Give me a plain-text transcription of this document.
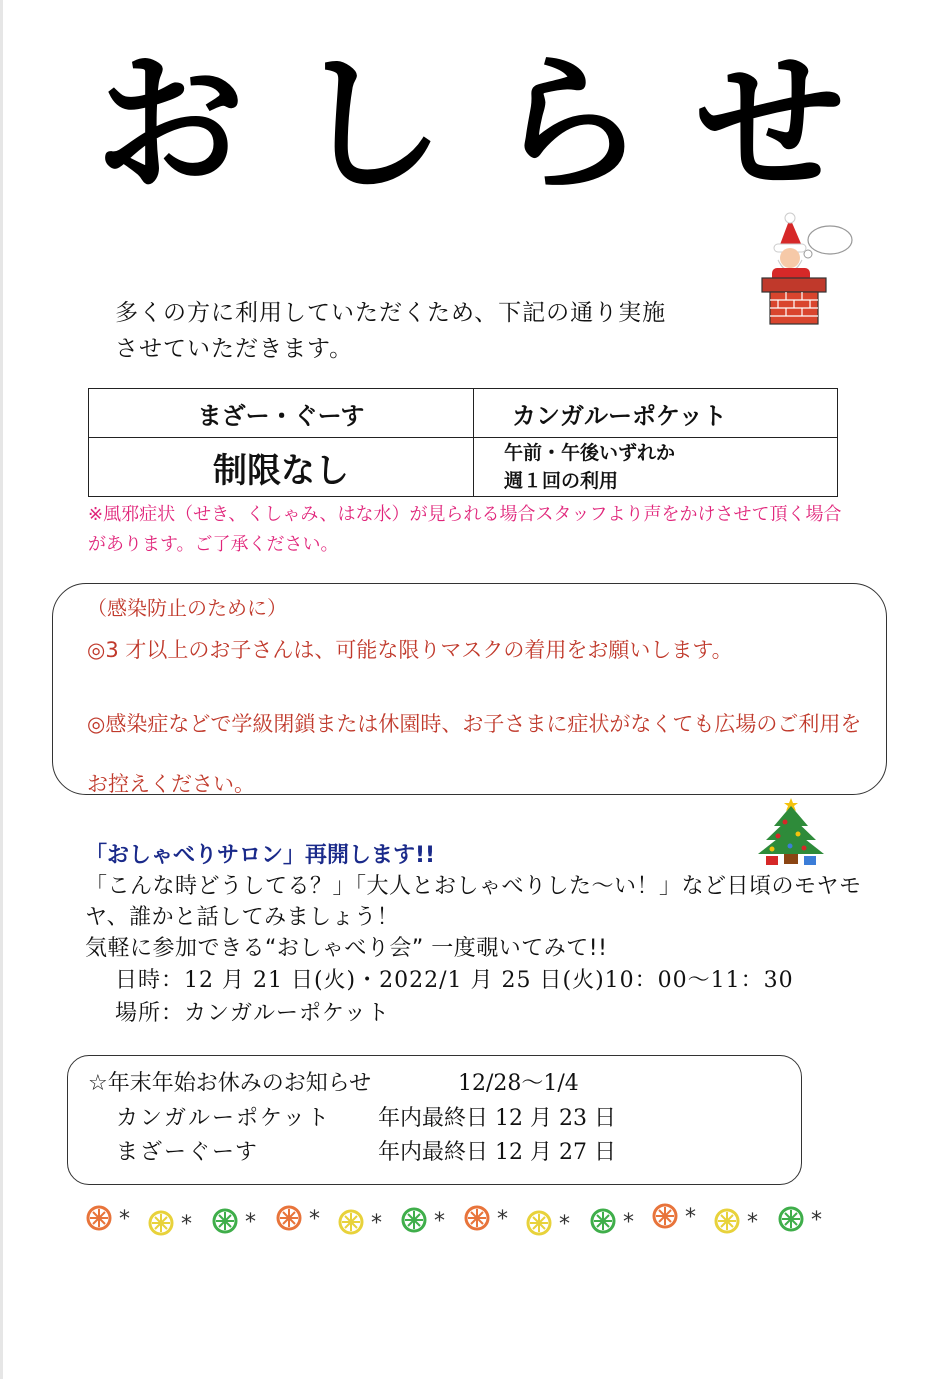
お し ら せ
多くの方に利用していただくため、下記の通り実施
させていただきます。
まざー・ぐーす	カンガルーポケット
制限なし	午前・午後いずれか
週１回の利用
※風邪症状（せき、くしゃみ、はな水）が見られる場合スタッフより声をかけさせて頂く場合があります。ご了承ください。
（感染防止のために）
◎3 才以上のお子さんは、可能な限りマスクの着用をお願いします。
◎感染症などで学級閉鎖または休園時、お子さまに症状がなくても広場のご利用をお控えください。
「おしゃべりサロン」再開します!!
「こんな時どうしてる？」「大人とおしゃべりした～い！」など日頃のモヤモヤ、誰かと話してみましょう！
気軽に参加できる“おしゃべり会” 一度覗いてみて!!
日時：12 月 21 日(火)・2022/1 月 25 日(火)10：00〜11：30
場所：カンガルーポケット
☆年末年始お休みのお知らせ	12/28〜1/4
カンガルーポケット 年内最終日 12 月 23 日
まざーぐーす	年内最終日 12 月 27 日
* * * * * * * * * * * *
